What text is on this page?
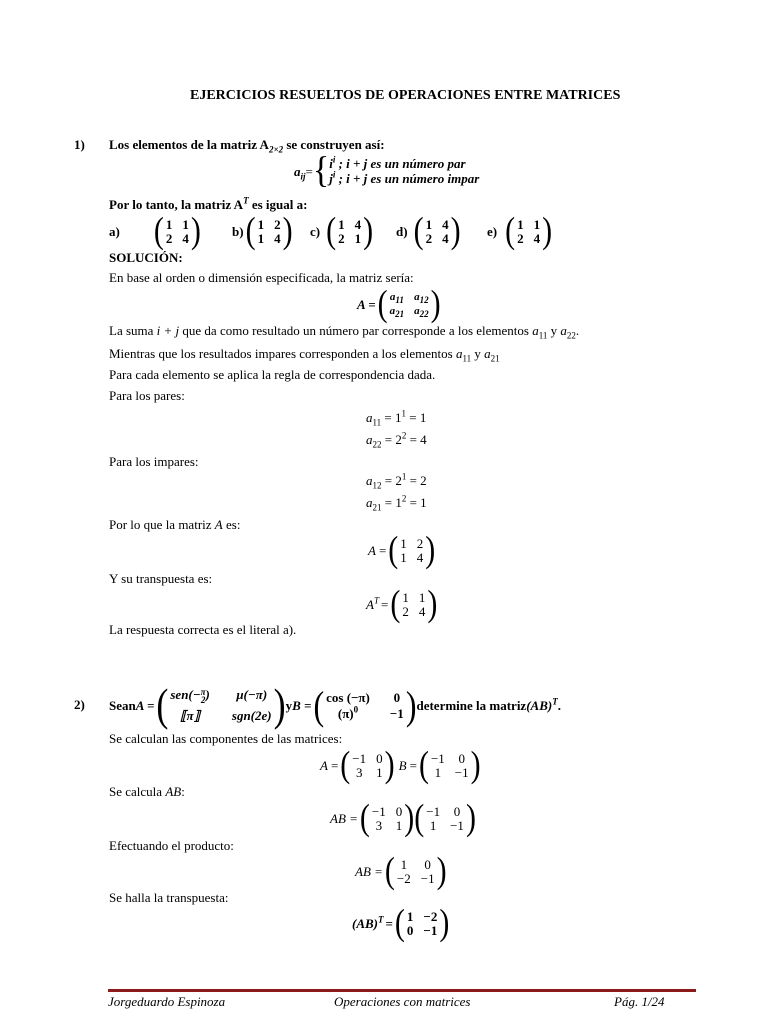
EJERCICIOS RESUELTOS DE OPERACIONES ENTRE MATRICES
1) Los elementos de la matriz $A_{2\times 2}$ se construyen así:
$a_{ij}$ = { $i^i$ ; i + j es un número par
$j^i$ ; i + j es un número impar
Por lo tanto, la matriz $A^T$ es igual a:
a) ( 1 1
2 4 ) b) ( 1 2
1 4 ) c) ( 1 4
2 1 ) d) ( 1 4
2 4 ) e) ( 1 1
2 4 )
SOLUCIÓN:
En base al orden o dimensión especificada, la matriz sería:
A = ( $a_{11}$ $a_{12}$
$a_{21}$ $a_{22}$ )
La suma i + j que da como resultado un número par corresponde a los elementos $a_{11}$ y $a_{22}$.
Mientras que los resultados impares corresponden a los elementos $a_{11}$ y $a_{21}$
Para cada elemento se aplica la regla de correspondencia dada.
Para los pares:
$a_{11} = 1^1 = 1$
$a_{22} = 2^2 = 4$
Para los impares:
$a_{12} = 2^1 = 2$
$a_{21} = 1^2 = 1$
Por lo que la matriz A es:
A = ( 1 2
1 4 )
Y su transpuesta es:
$A^T$ = ( 1 1
2 4 )
La respuesta correcta es el literal a).
2) Sean A = ( sen(−π
2)	μ(−π)
⟦π⟧	sgn(2e) ) y B = ( cos (−π) 0
$(\pi)^0$	−1 ) determine la matriz (AB)$^T$ .
Se calculan las componentes de las matrices:
A = ( −1 0
3 1 ) B = ( −1 0
1 −1 )
Se calcula AB:
AB = ( −1 0
3 1 ) ( −1 0
1 −1 )
Efectuando el producto:
AB = ( 1 0
−2 −1 )
Se halla la transpuesta:
(AB)$^T$ = ( 1 −2
0 −1 )
Jorgeduardo Espinoza	Operaciones con matrices	Pág. 1/24
